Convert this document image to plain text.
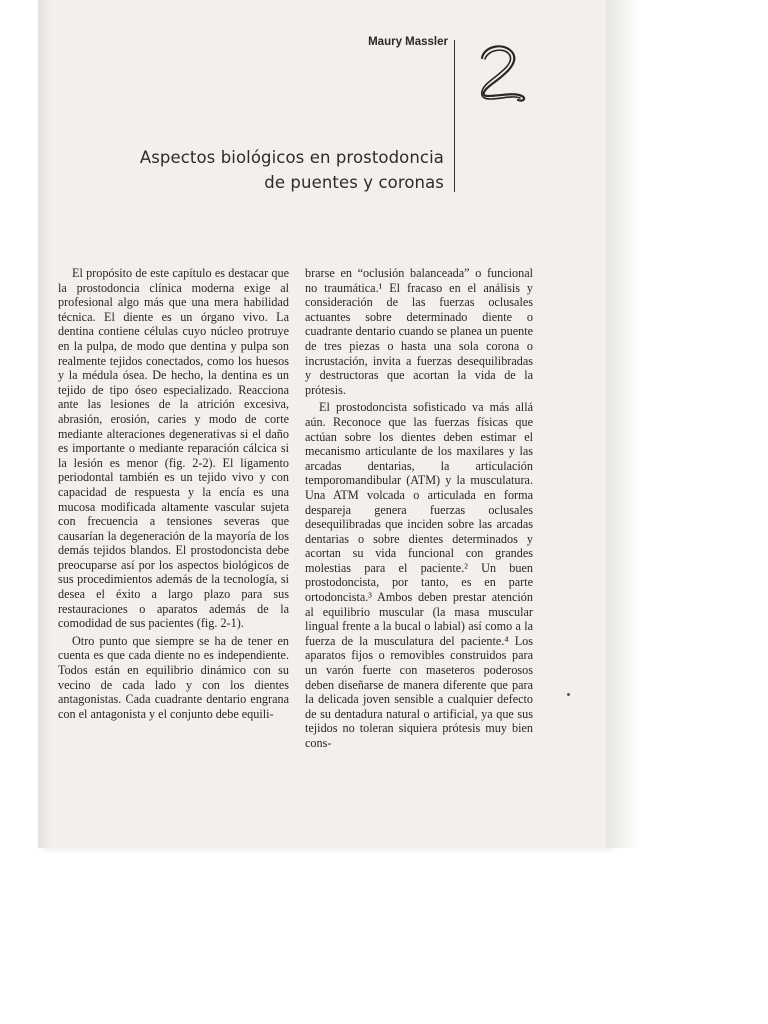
Maury Massler	2
Aspectos biológicos en prostodoncia
de puentes y coronas

El propósito de este capítulo es destacar que la prostodoncia clínica moderna exige al profesional algo más que una mera habilidad técnica. El diente es un órgano vivo. La dentina contiene células cuyo núcleo protruye en la pulpa, de modo que dentina y pulpa son realmente tejidos conectados, como los huesos y la médula ósea. De hecho, la dentina es un tejido de tipo óseo especializado. Reacciona ante las lesiones de la atrición excesiva, abrasión, erosión, caries y modo de corte mediante alteraciones degenerativas si el daño es importante o mediante reparación cálcica si la lesión es menor (fig. 2-2). El ligamento periodontal también es un tejido vivo y con capacidad de respuesta y la encía es una mucosa modificada altamente vascular sujeta con frecuencia a tensiones severas que causarían la degeneración de la mayoría de los demás tejidos blandos. El prostodoncista debe preocuparse así por los aspectos biológicos de sus procedimientos además de la tecnología, si desea el éxito a largo plazo para sus restauraciones o aparatos además de la comodidad de sus pacientes (fig. 2-1).

Otro punto que siempre se ha de tener en cuenta es que cada diente no es independiente. Todos están en equilibrio dinámico con su vecino de cada lado y con los dientes antagonistas. Cada cuadrante dentario engrana con el antagonista y el conjunto debe equili-

brarse en “oclusión balanceada” o funcional no traumática.¹ El fracaso en el análisis y consideración de las fuerzas oclusales actuantes sobre determinado diente o cuadrante dentario cuando se planea un puente de tres piezas o hasta una sola corona o incrustación, invita a fuerzas desequilibradas y destructoras que acortan la vida de la prótesis.

El prostodoncista sofisticado va más allá aún. Reconoce que las fuerzas físicas que actúan sobre los dientes deben estimar el mecanismo articulante de los maxilares y las arcadas dentarias, la articulación temporomandibular (ATM) y la musculatura. Una ATM volcada o articulada en forma despareja genera fuerzas oclusales desequilibradas que inciden sobre las arcadas dentarias o sobre dientes determinados y acortan su vida funcional con grandes molestias para el paciente.² Un buen prostodoncista, por tanto, es en parte ortodoncista.³ Ambos deben prestar atención al equilibrio muscular (la masa muscular lingual frente a la bucal o labial) así como a la fuerza de la musculatura del paciente.⁴ Los aparatos fijos o removibles construidos para un varón fuerte con maseteros poderosos deben diseñarse de manera diferente que para la delicada joven sensible a cualquier defecto de su dentadura natural o artificial, ya que sus tejidos no toleran siquiera prótesis muy bien cons-
